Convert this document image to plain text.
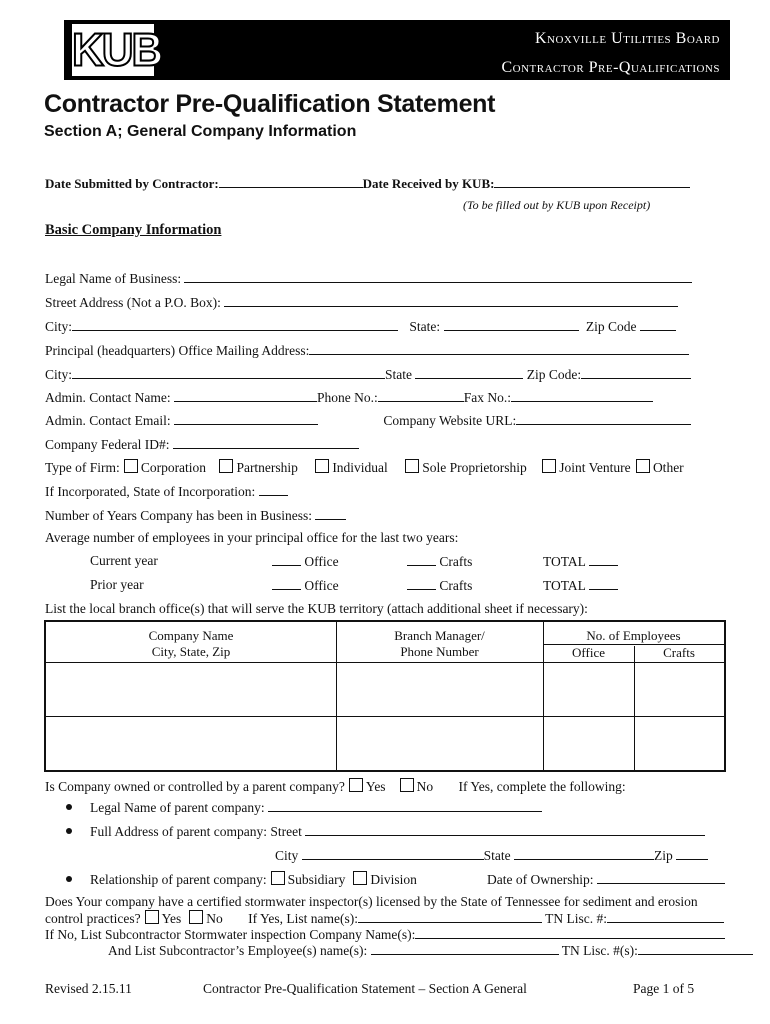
KUB	Knoxville Utilities Board
Contractor Pre-Qualifications
Contractor Pre-Qualification Statement
Section A; General Company Information
Date Submitted by Contractor:	Date Received by KUB:
(To be filled out by KUB upon Receipt)
Basic Company Information
Legal Name of Business:
Street Address (Not a P.O. Box):
City:	State:	Zip Code
Principal (headquarters) Office Mailing Address:
City:	State	Zip Code:
Admin. Contact Name:	Phone No.:	Fax No.:
Admin. Contact Email:	Company Website URL:
Company Federal ID#:
Type of Firm: Corporation Partnership	Individual	Sole Proprietorship Joint Venture Other
If Incorporated, State of Incorporation:
Number of Years Company has been in Business:
Average number of employees in your principal office for the last two years:
Current year	Office	Crafts	TOTAL
Prior year	Office	Crafts	TOTAL
List the local branch office(s) that will serve the KUB territory (attach additional sheet if necessary):
Company Name
City, State, Zip
Branch Manager/
Phone Number
No. of Employees
Office	Crafts
Is Company owned or controlled by a parent company? Yes No If Yes, complete the following:
Legal Name of parent company:
Full Address of parent company: Street
City	State	Zip
Relationship of parent company: Subsidiary Division	Date of Ownership:
Does Your company have a certified stormwater inspector(s) licensed by the State of Tennessee for sediment and erosion
control practices? Yes No If Yes, List name(s):	TN Lisc. #:
If No, List Subcontractor Stormwater inspection Company Name(s):
And List Subcontractor’s Employee(s) name(s):	TN Lisc. #(s):
Revised 2.15.11	Contractor Pre-Qualification Statement – Section A General	Page 1 of 5
